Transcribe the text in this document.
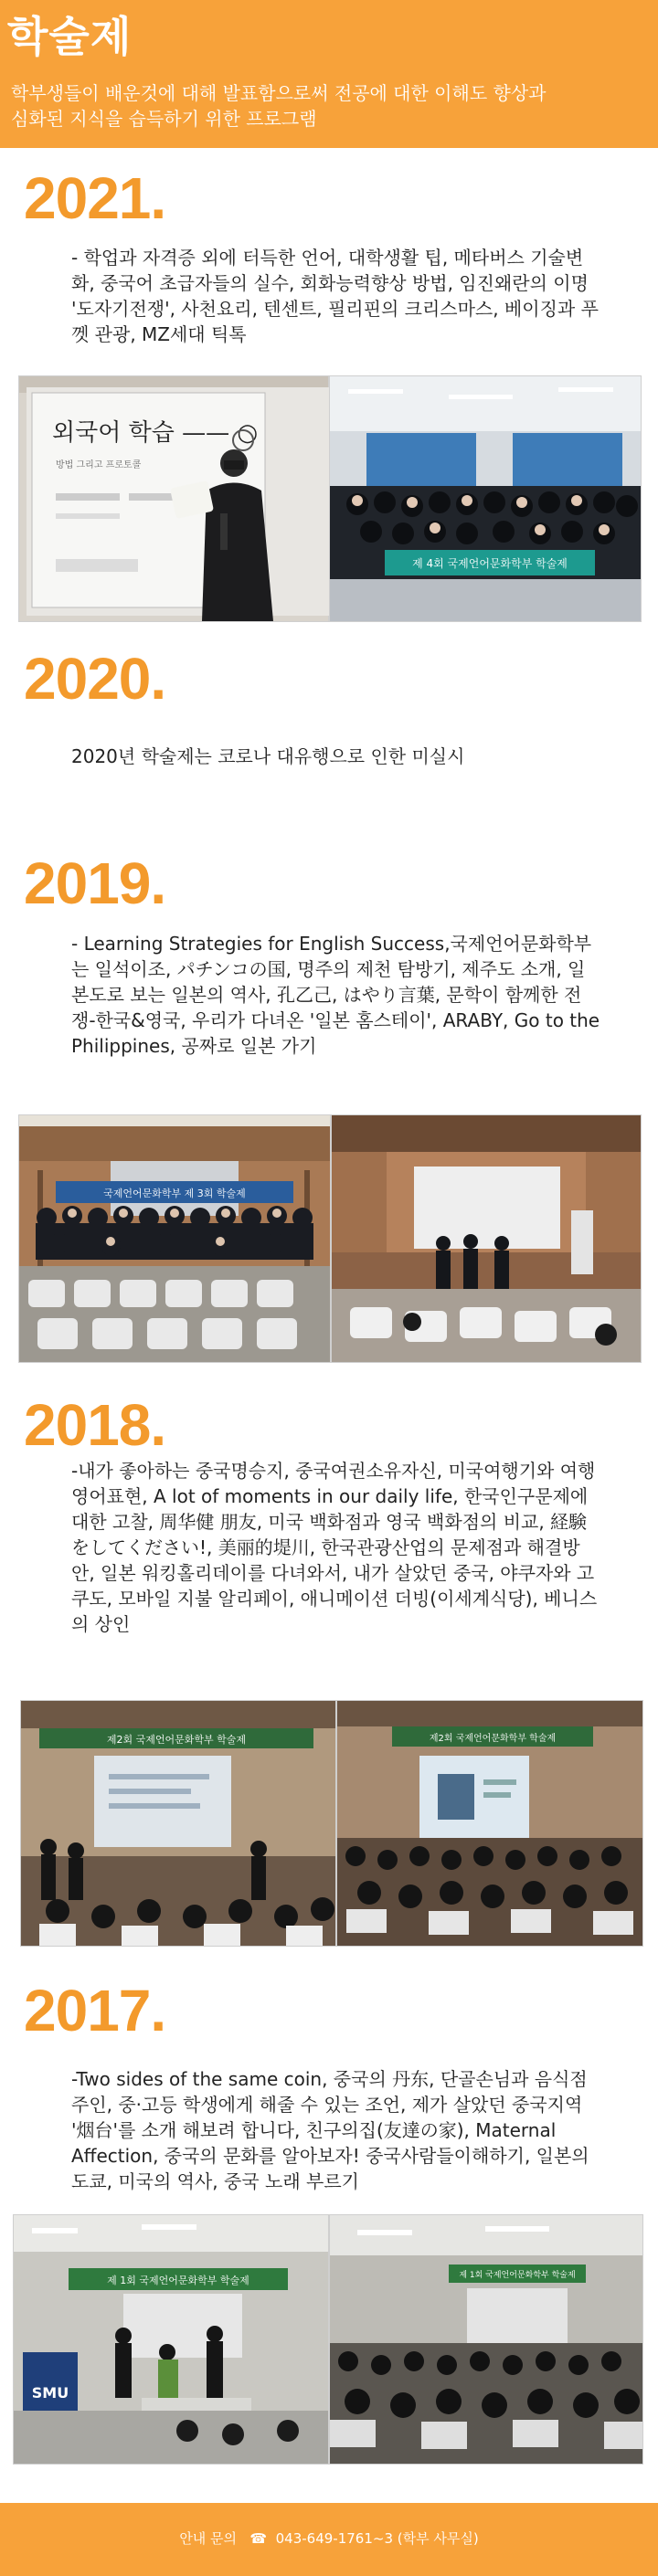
학술제

학부생들이 배운것에 대해 발표함으로써 전공에 대한 이해도 향상과 심화된 지식을 습득하기 위한 프로그램

2021.

- 학업과 자격증 외에 터득한 언어, 대학생활 팁, 메타버스 기술변화, 중국어 초급자들의 실수, 회화능력향상 방법, 임진왜란의 이명 '도자기전쟁', 사천요리, 텐센트, 필리핀의 크리스마스, 베이징과 푸껫 관광, MZ세대 틱톡

외국어 학습 —— ○
방법 그리고 프로토콜
제 4회 국제언어문화학부 학술제
2020.

2020년 학술제는 코로나 대유행으로 인한 미실시

2019.

- Learning Strategies for English Success,국제언어문화학부는 일석이조, パチンコの国, 명주의 제천 탐방기, 제주도 소개, 일본도로 보는 일본의 역사, 孔乙己, はやり言葉, 문학이 함께한 전쟁-한국&영국, 우리가 다녀온 '일본 홈스테이', ARABY, Go to the Philippines, 공짜로 일본 가기

국제언어문화학부 제 3회 학술제
2018.

-내가 좋아하는 중국명승지, 중국여권소유자신, 미국여행기와 여행 영어표현, A lot of moments in our daily life, 한국인구문제에 대한 고찰, 周华健 朋友, 미국 백화점과 영국 백화점의 비교, 経験をしてください!, 美丽的堤川, 한국관광산업의 문제점과 해결방안, 일본 워킹홀리데이를 다녀와서, 내가 살았던 중국, 야쿠자와 고쿠도, 모바일 지불 알리페이, 애니메이션 더빙(이세계식당), 베니스의 상인

제2회 국제언어문화학부 학술제	제2회 국제언어문화학부 학술제
2017.

-Two sides of the same coin, 중국의 丹东, 단골손님과 음식점주인, 중·고등 학생에게 해줄 수 있는 조언, 제가 살았던 중국지역 '烟台'를 소개 해보려 합니다, 친구의집(友達の家), Maternal Affection, 중국의 문화를 알아보자! 중국사람들이해하기, 일본의 도쿄, 미국의 역사, 중국 노래 부르기

제 1회 국제언어문화학부 학술제
SMU
제 1회 국제언어문화학부 학술제
안내 문의   ☎  043-649-1761~3 (학부 사무실)
